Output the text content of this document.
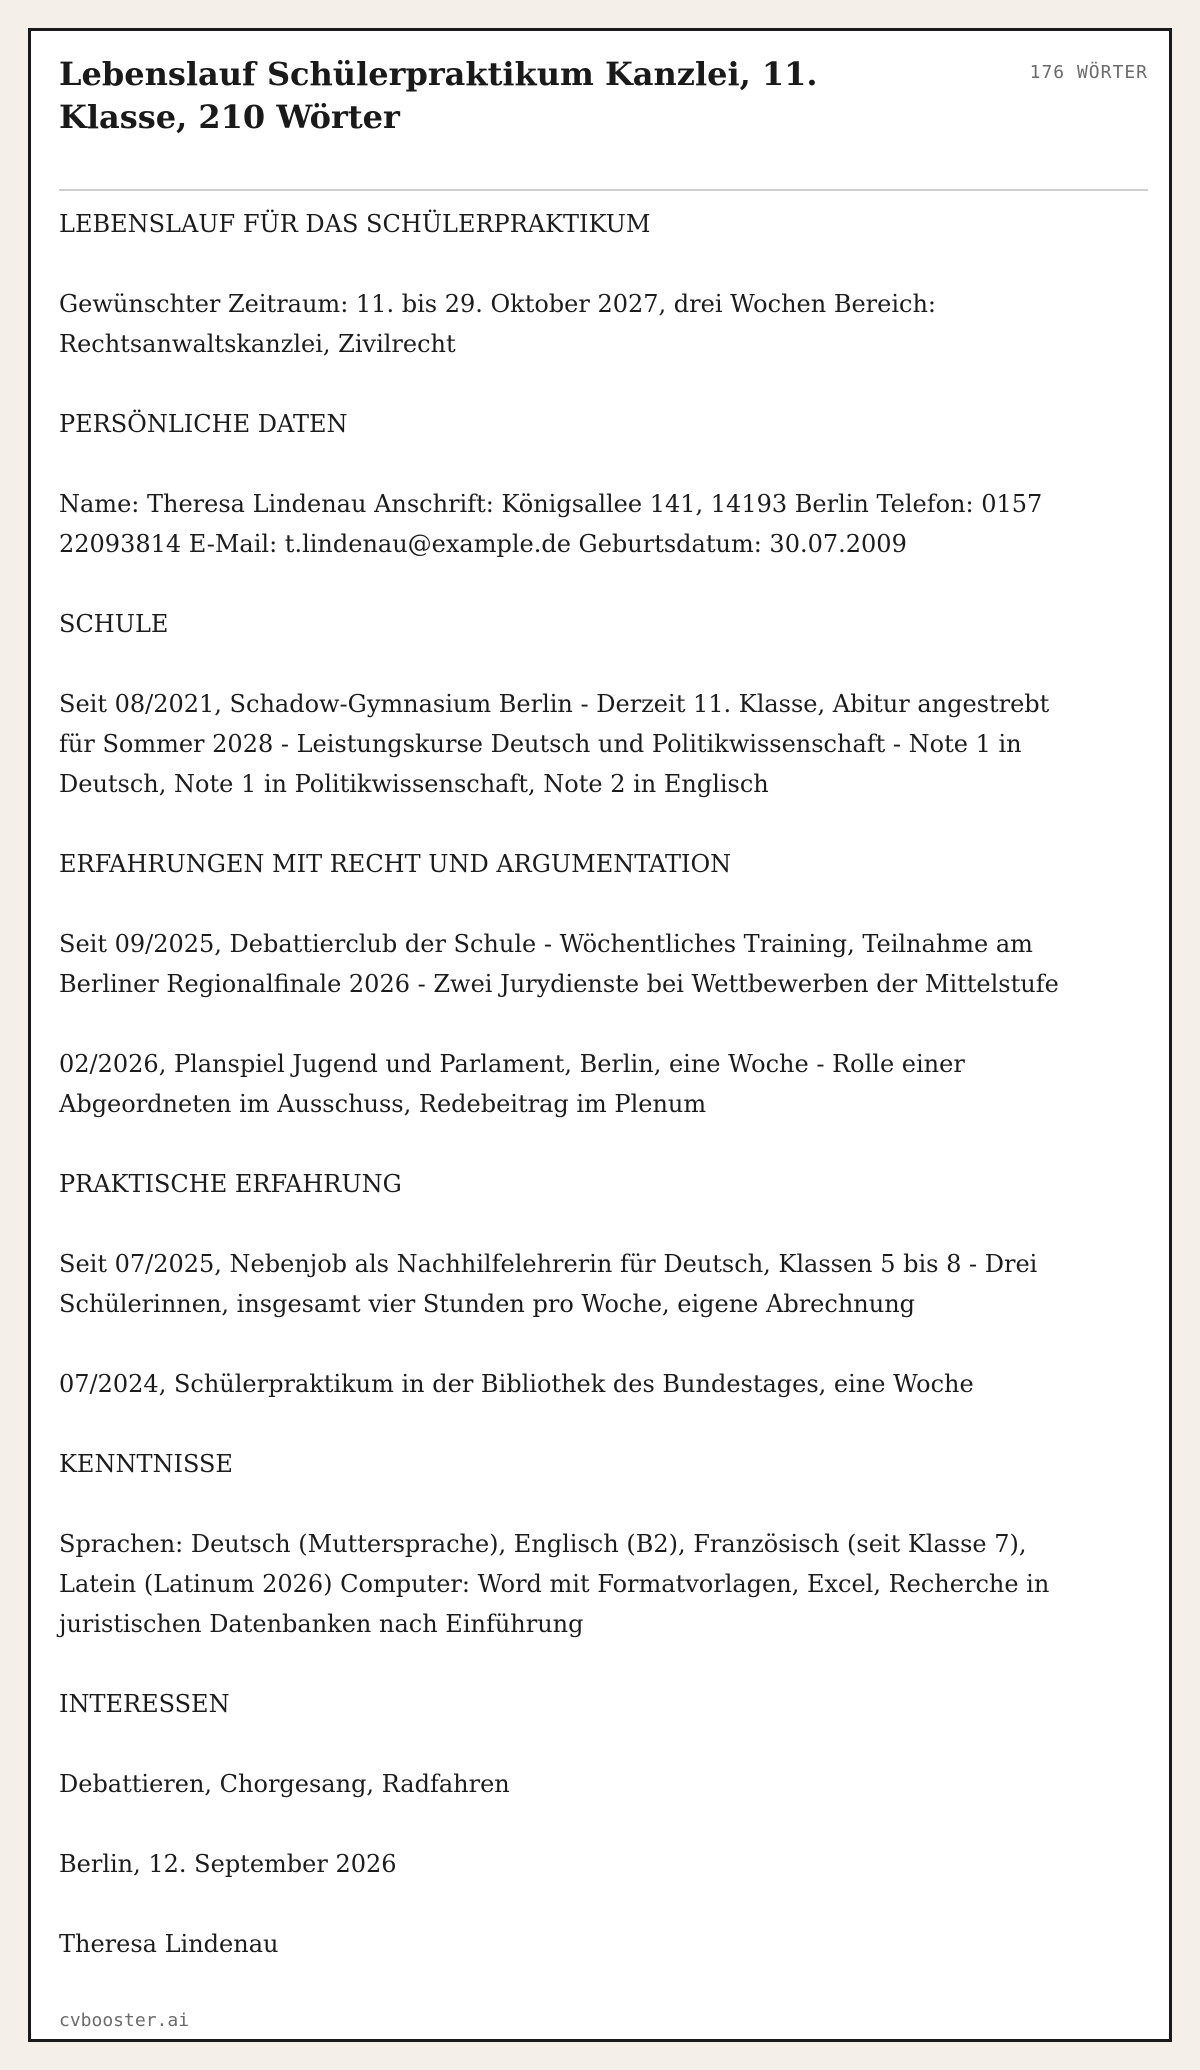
Lebenslauf Schülerpraktikum Kanzlei, 11. Klasse, 210 Wörter
176 WÖRTER

LEBENSLAUF FÜR DAS SCHÜLERPRAKTIKUM

Gewünschter Zeitraum: 11. bis 29. Oktober 2027, drei Wochen Bereich: Rechtsanwaltskanzlei, Zivilrecht

PERSÖNLICHE DATEN

Name: Theresa Lindenau Anschrift: Königsallee 141, 14193 Berlin Telefon: 0157 22093814 E-Mail: t.lindenau@example.de Geburtsdatum: 30.07.2009

SCHULE

Seit 08/2021, Schadow-Gymnasium Berlin - Derzeit 11. Klasse, Abitur angestrebt für Sommer 2028 - Leistungskurse Deutsch und Politikwissenschaft - Note 1 in Deutsch, Note 1 in Politikwissenschaft, Note 2 in Englisch

ERFAHRUNGEN MIT RECHT UND ARGUMENTATION

Seit 09/2025, Debattierclub der Schule - Wöchentliches Training, Teilnahme am Berliner Regionalfinale 2026 - Zwei Jurydienste bei Wettbewerben der Mittelstufe

02/2026, Planspiel Jugend und Parlament, Berlin, eine Woche - Rolle einer Abgeordneten im Ausschuss, Redebeitrag im Plenum

PRAKTISCHE ERFAHRUNG

Seit 07/2025, Nebenjob als Nachhilfelehrerin für Deutsch, Klassen 5 bis 8 - Drei Schülerinnen, insgesamt vier Stunden pro Woche, eigene Abrechnung

07/2024, Schülerpraktikum in der Bibliothek des Bundestages, eine Woche

KENNTNISSE

Sprachen: Deutsch (Muttersprache), Englisch (B2), Französisch (seit Klasse 7), Latein (Latinum 2026) Computer: Word mit Formatvorlagen, Excel, Recherche in juristischen Datenbanken nach Einführung

INTERESSEN

Debattieren, Chorgesang, Radfahren

Berlin, 12. September 2026

Theresa Lindenau

cvbooster.ai
